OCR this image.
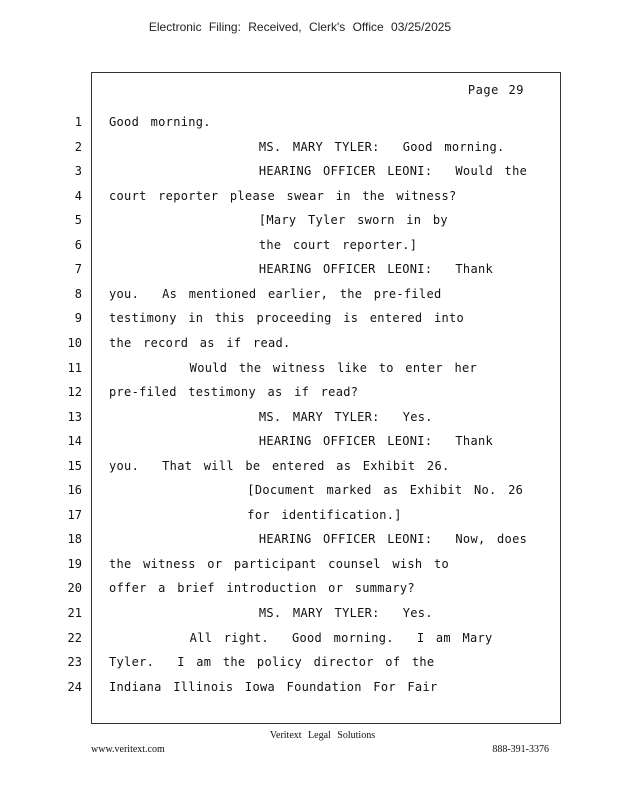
Electronic Filing: Received, Clerk's Office 03/25/2025
Page 29
1 Good morning.
2 MS. MARY TYLER:  Good morning.
3 HEARING OFFICER LEONI:  Would the
4 court reporter please swear in the witness?
5 [Mary Tyler sworn in by
6 the court reporter.]
7 HEARING OFFICER LEONI:  Thank
8 you.  As mentioned earlier, the pre-filed
9 testimony in this proceeding is entered into
10 the record as if read.
11 Would the witness like to enter her
12 pre-filed testimony as if read?
13 MS. MARY TYLER:  Yes.
14 HEARING OFFICER LEONI:  Thank
15 you.  That will be entered as Exhibit 26.
16 [Document marked as Exhibit No. 26
17 for identification.]
18 HEARING OFFICER LEONI:  Now, does
19 the witness or participant counsel wish to
20 offer a brief introduction or summary?
21 MS. MARY TYLER:  Yes.
22 All right.  Good morning.  I am Mary
23 Tyler.  I am the policy director of the
24 Indiana Illinois Iowa Foundation For Fair
Veritext Legal Solutions
www.veritext.com	888-391-3376
